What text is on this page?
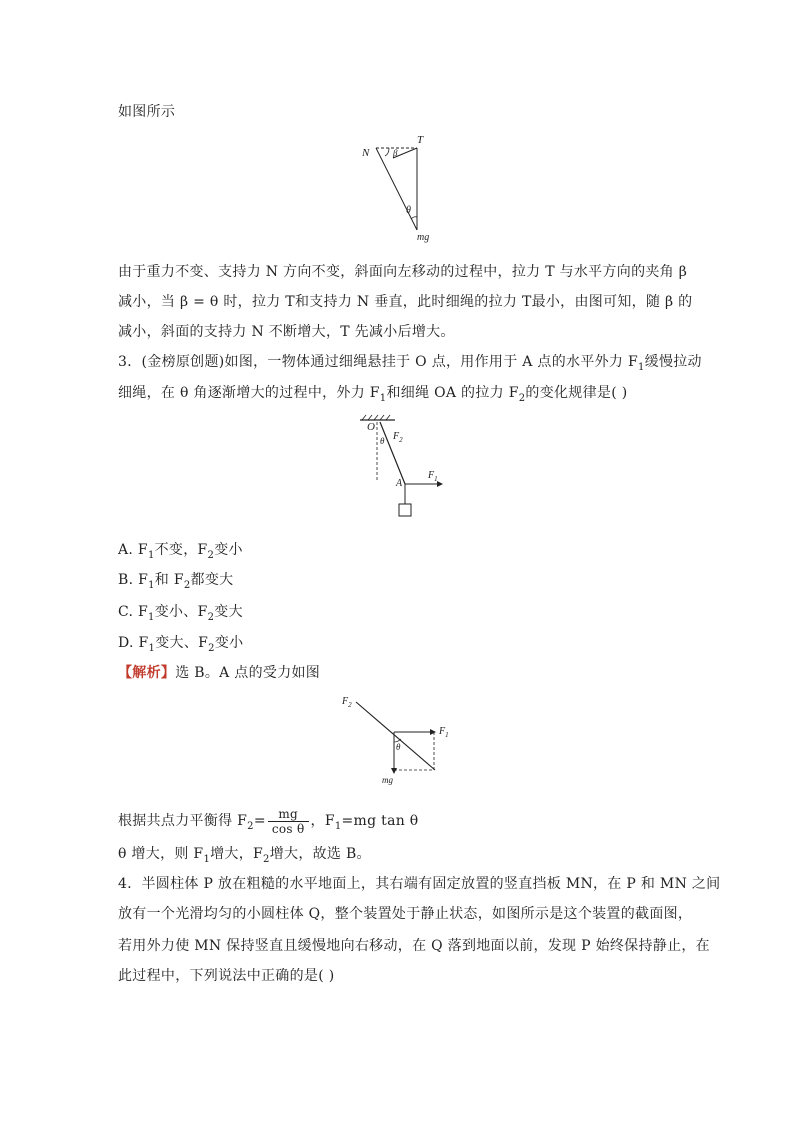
如图所示
N
T
β
θ
mg
由于重力不变、支持力 N 方向不变，斜面向左移动的过程中，拉力 T 与水平方向的夹角 β
减小，当 β = θ 时，拉力 T和支持力 N 垂直，此时细绳的拉力 T最小，由图可知，随 β 的
减小，斜面的支持力 N 不断增大，T 先减小后增大。
3．(金榜原创题)如图，一物体通过细绳悬挂于 O 点，用作用于 A 点的水平外力 $F_1$缓慢拉动
细绳，在 θ 角逐渐增大的过程中，外力 $F_1$和细绳 OA 的拉力 $F_2$的变化规律是( )
O
θ $F_2$
A
$F_1$
A. $F_1$不变，$F_2$变小
B. $F_1$和 $F_2$都变大
C. $F_1$变小、$F_2$变大
D. $F_1$变大、$F_2$变小
【解析】选 B。A 点的受力如图
$F_2$
$F_1$
θ
mg
根据共点力平衡得 $F_2= \frac{mg}{\text{cos θ}}$ ，$F_1=mg$ tan θ
θ 增大，则 $F_1$增大，$F_2$增大，故选 B。
4．半圆柱体 P 放在粗糙的水平地面上，其右端有固定放置的竖直挡板 MN，在 P 和 MN 之间
放有一个光滑均匀的小圆柱体 Q，整个装置处于静止状态，如图所示是这个装置的截面图，
若用外力使 MN 保持竖直且缓慢地向右移动，在 Q 落到地面以前，发现 P 始终保持静止，在
此过程中，下列说法中正确的是( )
